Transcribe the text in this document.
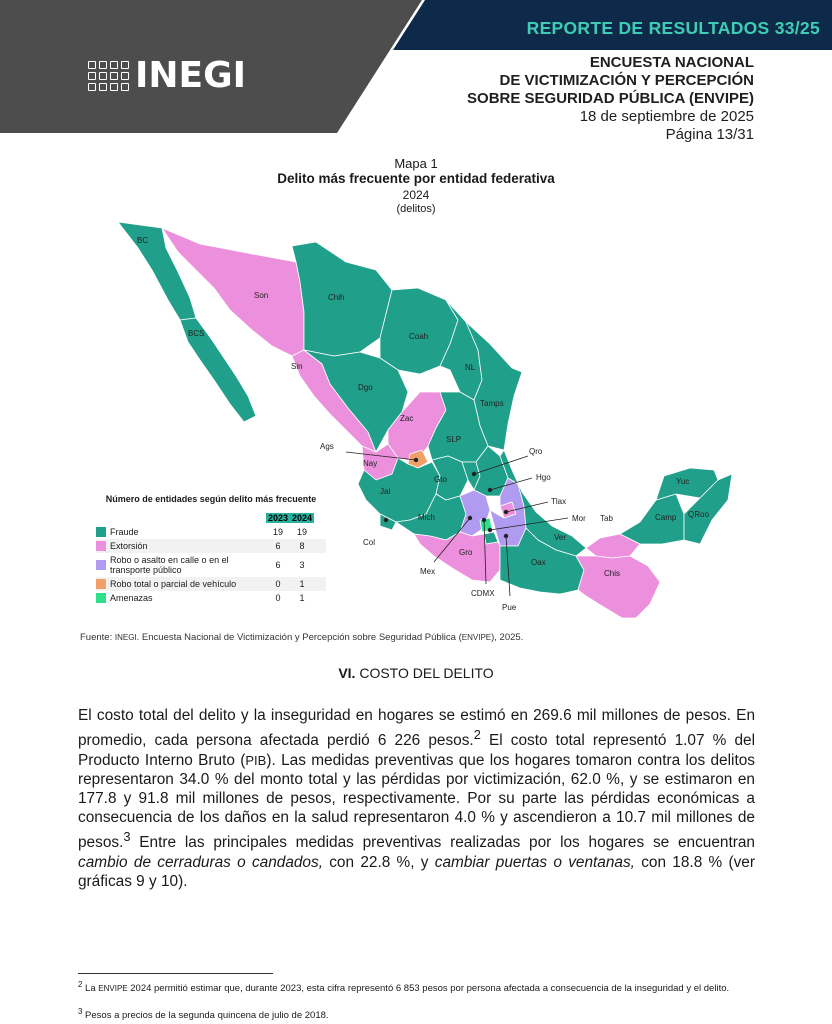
REPORTE DE RESULTADOS 33/25
INEGI	ENCUESTA NACIONAL
DE VICTIMIZACIÓN Y PERCEPCIÓN
SOBRE SEGURIDAD PÚBLICA (ENVIPE)
18 de septiembre de 2025
Página 13/31
Mapa 1
Delito más frecuente por entidad federativa
2024
(delitos)
BC
Son	Chih
Coah
NL
Tamps
BCS
Sin
Dgo
Zac
SLP
Ags
Nay
Qro
Hgo
Gto
Jal
Tlax
Mich	Mor
Col
Tab
Ver
Yuc
Camp QRoo
Mex
Gro
Oax
Chis
CDMX
Pue
Número de entidades según delito más frecuente
2023 2024
Fraude	19	19
Extorsión	6	8
Robo o asalto en calle o en el transporte público	6	3
Robo total o parcial de vehículo	0	1
Amenazas	0	1
Fuente: INEGI. Encuesta Nacional de Victimización y Percepción sobre Seguridad Pública (ENVIPE), 2025.
VI. COSTO DEL DELITO
El costo total del delito y la inseguridad en hogares se estimó en 269.6 mil millones de pesos. En promedio, cada persona afectada perdió 6 226 pesos.$^2$ El costo total representó 1.07 % del Producto Interno Bruto (PIB). Las medidas preventivas que los hogares tomaron contra los delitos representaron 34.0 % del monto total y las pérdidas por victimización, 62.0 %, y se estimaron en 177.8 y 91.8 mil millones de pesos, respectivamente. Por su parte las pérdidas económicas a consecuencia de los daños en la salud representaron 4.0 % y ascendieron a 10.7 mil millones de pesos.$^3$ Entre las principales medidas preventivas realizadas por los hogares se encuentran cambio de cerraduras o candados, con 22.8 %, y cambiar puertas o ventanas, con 18.8 % (ver gráficas 9 y 10).
$^2$ La ENVIPE 2024 permitió estimar que, durante 2023, esta cifra representó 6 853 pesos por persona afectada a consecuencia de la inseguridad y el delito.
$^3$ Pesos a precios de la segunda quincena de julio de 2018.
